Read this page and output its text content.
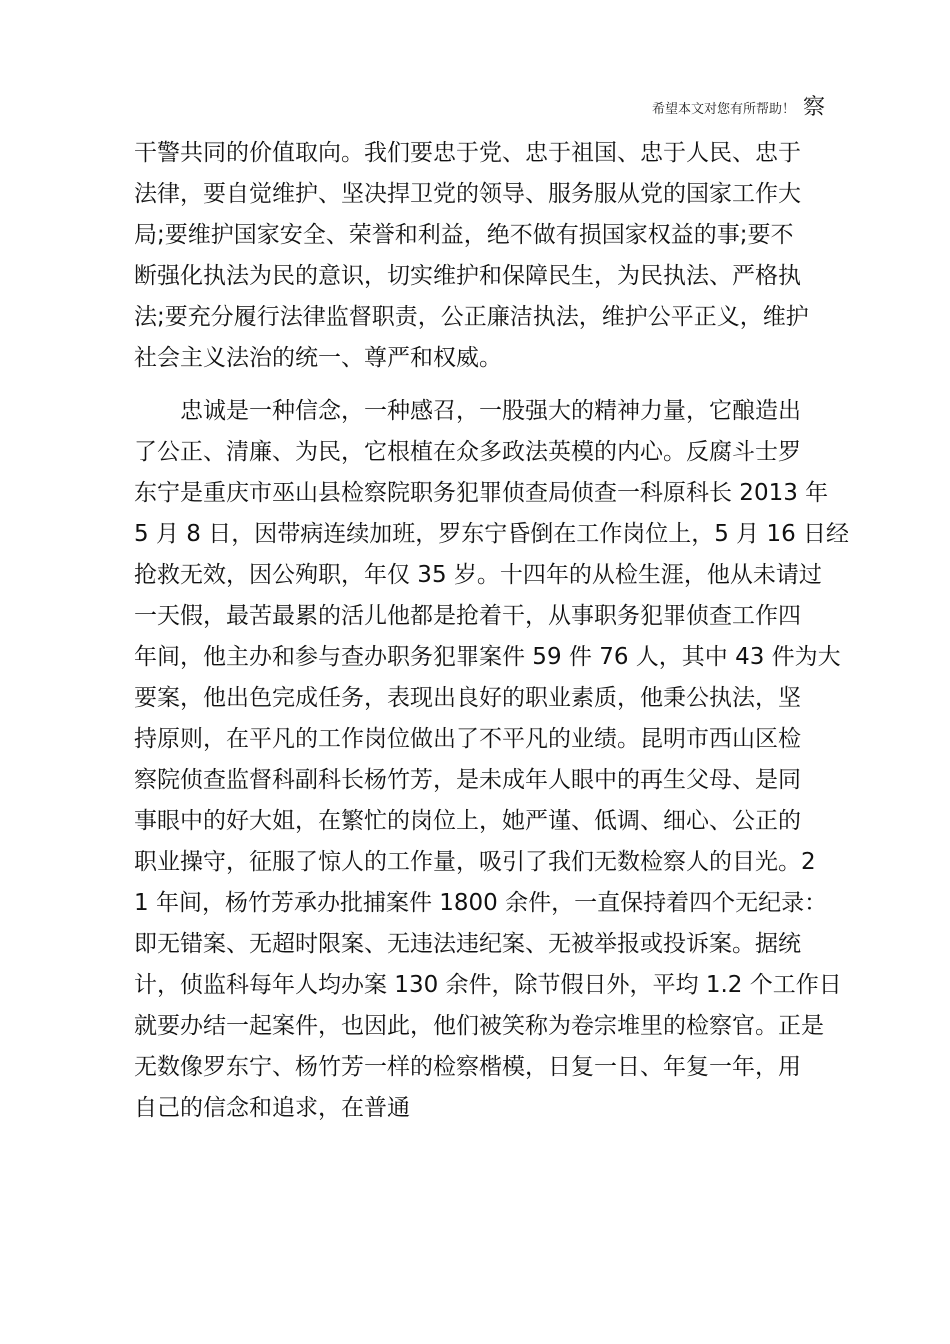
希望本文对您有所帮助！ 察
干警共同的价值取向。我们要忠于党、忠于祖国、忠于人民、忠于
法律，要自觉维护、坚决捍卫党的领导、服务服从党的国家工作大
局;要维护国家安全、荣誉和利益，绝不做有损国家权益的事;要不
断强化执法为民的意识，切实维护和保障民生，为民执法、严格执
法;要充分履行法律监督职责，公正廉洁执法，维护公平正义，维护
社会主义法治的统一、尊严和权威。
　　忠诚是一种信念，一种感召，一股强大的精神力量，它酿造出
了公正、清廉、为民，它根植在众多政法英模的内心。反腐斗士罗
东宁是重庆市巫山县检察院职务犯罪侦查局侦查一科原科长 2013 年
5 月 8 日，因带病连续加班，罗东宁昏倒在工作岗位上，5 月 16 日经
抢救无效，因公殉职，年仅 35 岁。十四年的从检生涯，他从未请过
一天假，最苦最累的活儿他都是抢着干，从事职务犯罪侦查工作四
年间，他主办和参与查办职务犯罪案件 59 件 76 人，其中 43 件为大
要案，他出色完成任务，表现出良好的职业素质，他秉公执法，坚
持原则，在平凡的工作岗位做出了不平凡的业绩。昆明市西山区检
察院侦查监督科副科长杨竹芳，是未成年人眼中的再生父母、是同
事眼中的好大姐，在繁忙的岗位上，她严谨、低调、细心、公正的
职业操守，征服了惊人的工作量，吸引了我们无数检察人的目光。2
1 年间，杨竹芳承办批捕案件 1800 余件，一直保持着四个无纪录：
即无错案、无超时限案、无违法违纪案、无被举报或投诉案。据统
计，侦监科每年人均办案 130 余件，除节假日外，平均 1.2 个工作日
就要办结一起案件，也因此，他们被笑称为卷宗堆里的检察官。正是
无数像罗东宁、杨竹芳一样的检察楷模，日复一日、年复一年，用
自己的信念和追求，在普通
